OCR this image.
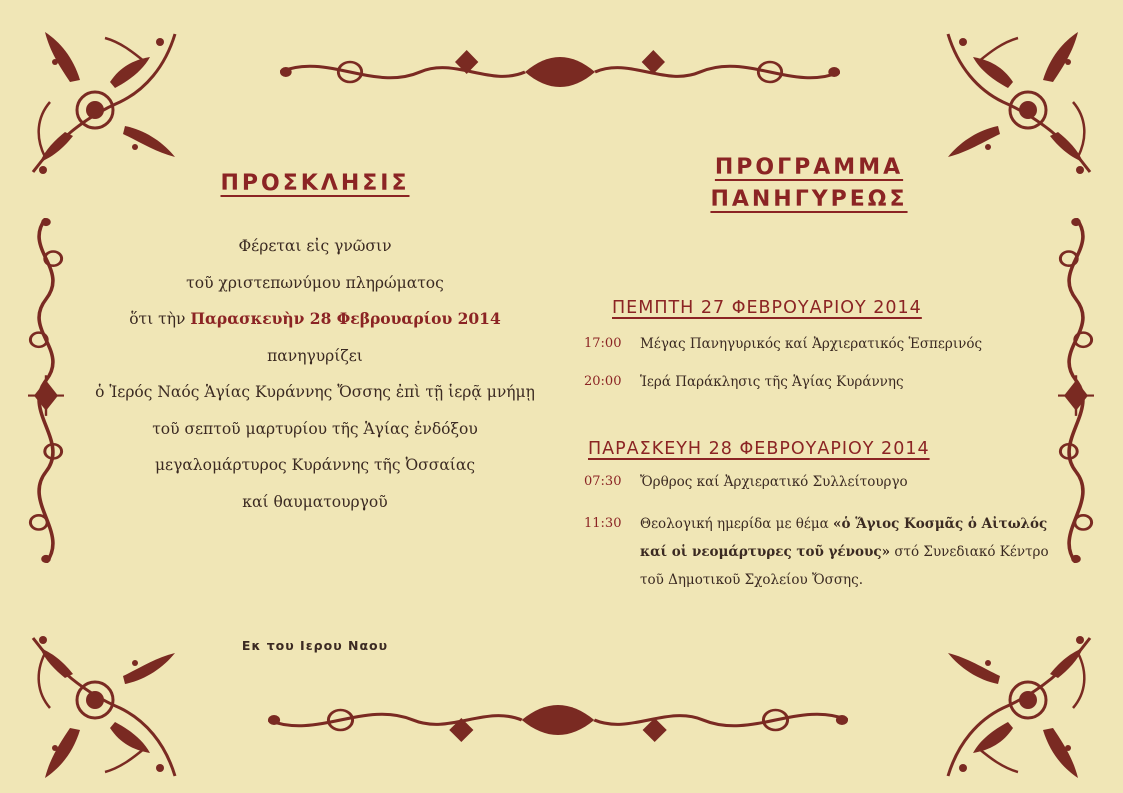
ΠΡΟΣΚΛΗΣΙΣ
Φέρεται εἰς γνῶσιν
τοῦ χριστεπωνύμου πληρώματος
ὅτι τὴν Παρασκευὴν 28 Φεβρουαρίου 2014 πανηγυρίζει
ὁ Ἱερός Ναός Ἁγίας Κυράννης Ὄσσης ἐπὶ τῇ ἱερᾷ μνήμῃ
τοῦ σεπτοῦ μαρτυρίου τῆς Ἁγίας ἐνδόξου
μεγαλομάρτυρος Κυράννης τῆς Ὀσσαίας
καί θαυματουργοῦ
Εκ του Ιερου Ναου
ΠΡΟΓΡΑΜΜΑ
ΠΑΝΗΓΥΡΕΩΣ
ΠΕΜΠΤΗ 27 ΦΕΒΡΟΥΑΡΙΟΥ 2014
17:00	Μέγας Πανηγυρικός καί Ἀρχιερατικός Ἑσπερινός
20:00	Ἱερά Παράκλησις τῆς Ἁγίας Κυράννης
ΠΑΡΑΣΚΕΥΗ 28 ΦΕΒΡΟΥΑΡΙΟΥ 2014
07:30	Ὄρθρος καί Ἀρχιερατικό Συλλείτουργο
11:30	Θεολογική ημερίδα με θέμα «ὁ Ἅγιος Κοσμᾶς ὁ Αἰτωλός καί οἱ νεομάρτυρες τοῦ γένους» στό Συνεδιακό Κέντρο τοῦ Δημοτικοῦ Σχολείου Ὄσσης.
